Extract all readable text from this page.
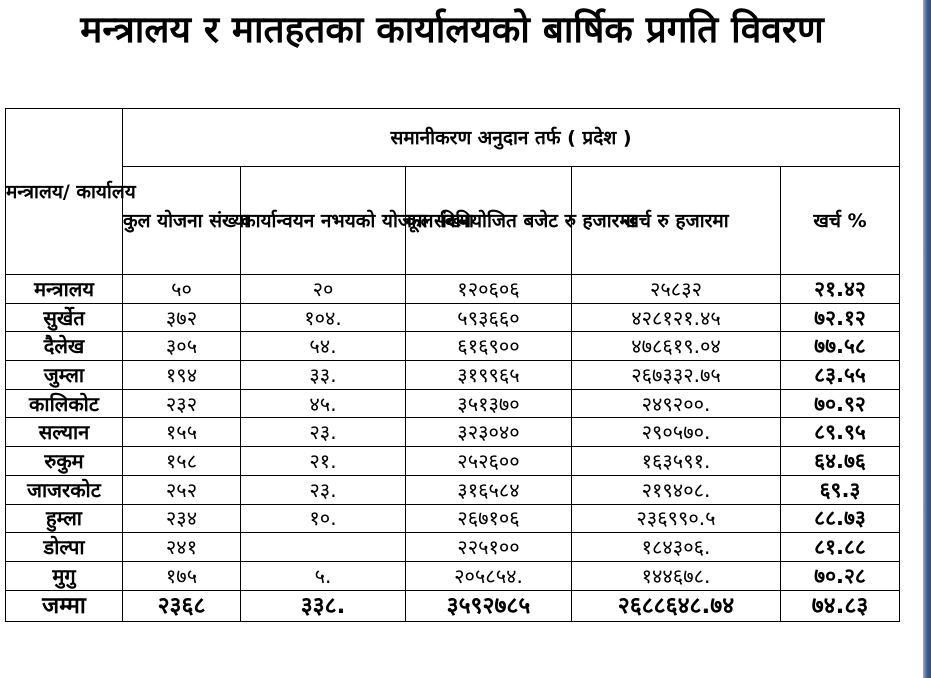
मन्त्रालय र मातहतका कार्यालयको बार्षिक प्रगति विवरण
मन्त्रालय/ कार्यालय	समानीकरण अनुदान तर्फ ( प्रदेश )				
	कुल योजना संख्या	कार्यान्वयन नभयको योजना संख्या	कूल विनियोजित बजेट रु हजारमा	खर्च रु हजारमा	खर्च %
मन्त्रालय	५०	२०	१२०६०६	२५८३२	२१.४२
सुर्खेत	३७२	१०४.	५९३६६०	४२८१२१.४५	७२.१२
दैलेख	३०५	५४.	६१६९००	४७८६१९.०४	७७.५८
जुम्ला	१९४	३३.	३१९९६५	२६७३३२.७५	८३.५५
कालिकोट	२३२	४५.	३५१३७०	२४९२००.	७०.९२
सल्यान	१५५	२३.	३२३०४०	२९०५७०.	८९.९५
रुकुम	१५८	२१.	२५२६००	१६३५९१.	६४.७६
जाजरकोट	२५२	२३.	३१६५८४	२१९४०८.	६९.३
हुम्ला	२३४	१०.	२६७१०६	२३६९९०.५	८८.७३
डोल्पा	२४१		२२५१००	१८४३०६.	८१.८८
मुगु	१७५	५.	२०५८५४.	१४४६७८.	७०.२८
जम्मा	२३६८	३३८.	३५९२७८५	२६८८६४८.७४	७४.८३
